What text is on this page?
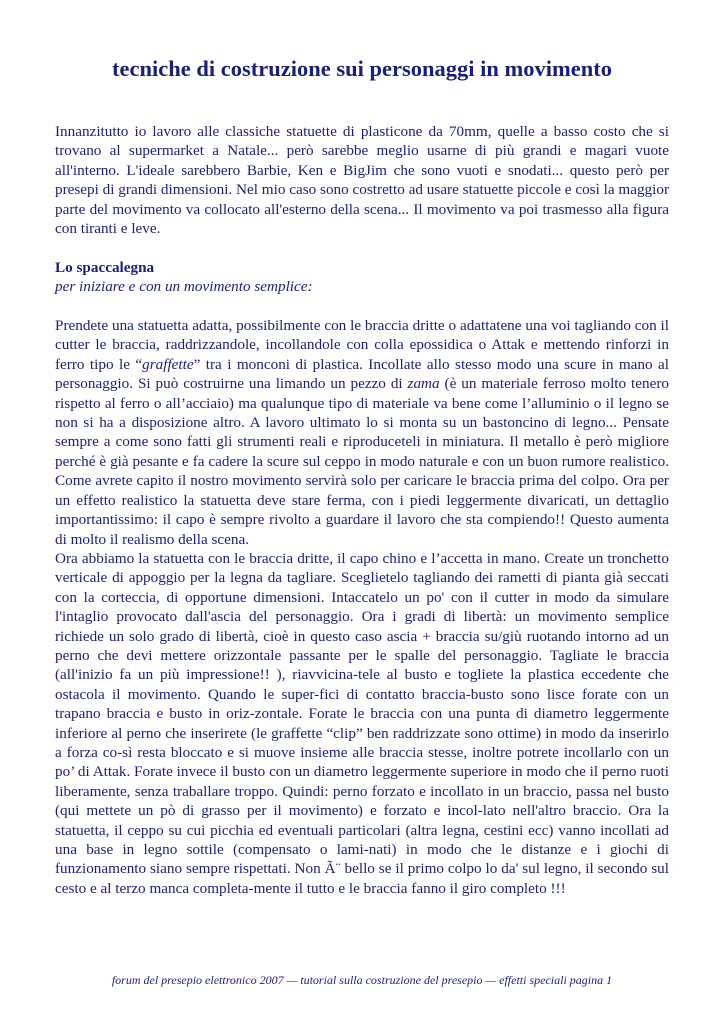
tecniche di costruzione sui personaggi in movimento

Innanzitutto io lavoro alle classiche statuette di plasticone da 70mm, quelle a basso costo che si trovano al supermarket a Natale... però sarebbe meglio usarne di più grandi e magari vuote all'interno. L'ideale sarebbero Barbie, Ken e BigJim che sono vuoti e snodati... questo però per presepi di grandi dimensioni. Nel mio caso sono costretto ad usare statuette piccole e così la maggior parte del movimento va collocato all'esterno della scena... Il movimento va poi trasmesso alla figura con tiranti e leve.

Lo spaccalegna

per iniziare e con un movimento semplice:

Prendete una statuetta adatta, possibilmente con le braccia dritte o adattatene una voi tagliando con il cutter le braccia, raddrizzandole, incollandole con colla epossidica o Attak e mettendo rinforzi in ferro tipo le “graffette” tra i monconi di plastica. Incollate allo stesso modo una scure in mano al personaggio. Si può costruirne una limando un pezzo di zama (è un materiale ferroso molto tenero rispetto al ferro o all’acciaio) ma qualunque tipo di materiale va bene come l’alluminio o il legno se non si ha a disposizione altro. A lavoro ultimato lo si monta su un bastoncino di legno... Pensate sempre a come sono fatti gli strumenti reali e riproduceteli in miniatura. Il metallo è però migliore perché è già pesante e fa cadere la scure sul ceppo in modo naturale e con un buon rumore realistico. Come avrete capito il nostro movimento servirà solo per caricare le braccia prima del colpo. Ora per un effetto realistico la statuetta deve stare ferma, con i piedi leggermente divaricati, un dettaglio importantissimo: il capo è sempre rivolto a guardare il lavoro che sta compiendo!! Questo aumenta di molto il realismo della scena.

Ora abbiamo la statuetta con le braccia dritte, il capo chino e l’accetta in mano. Create un tronchetto verticale di appoggio per la legna da tagliare. Sceglietelo tagliando dei rametti di pianta già seccati con la corteccia, di opportune dimensioni. Intaccatelo un po' con il cutter in modo da simulare l'intaglio provocato dall'ascia del personaggio. Ora i gradi di libertà: un movimento semplice richiede un solo grado di libertà, cioè in questo caso ascia + braccia su/giù ruotando intorno ad un perno che devi mettere orizzontale passante per le spalle del personaggio. Tagliate le braccia (all'inizio fa un più impressione!! ), riavvicina-tele al busto e togliete la plastica eccedente che ostacola il movimento. Quando le super-fici di contatto braccia-busto sono lisce forate con un trapano braccia e busto in oriz-zontale. Forate le braccia con una punta di diametro leggermente inferiore al perno che inserirete (le graffette “clip” ben raddrizzate sono ottime) in modo da inserirlo a forza co-sì resta bloccato e si muove insieme alle braccia stesse, inoltre potrete incollarlo con un po’ di Attak. Forate invece il busto con un diametro leggermente superiore in modo che il perno ruoti liberamente, senza traballare troppo. Quindi: perno forzato e incollato in un bracci​o, passa nel busto (qui mettete un pò di grasso per il movimento) e forzato e incol-lato nell'altro braccio. Ora la statuetta, il ceppo su cui picchia ed eventuali particolari (altra legna, cestini ecc) vanno incollati ad una base in legno sottile (compensato o lami-nati) in modo che le distanze e i giochi di funzionamento siano sempre rispettati. Non Ã¨ bello se il primo colpo lo da' sul legno, il secondo sul cesto e al terzo manca completa-mente il tutto e le braccia fanno il giro completo !!!

forum del presepio elettronico 2007 — tutorial sulla costruzione del presepio — effetti speciali pagina 1
